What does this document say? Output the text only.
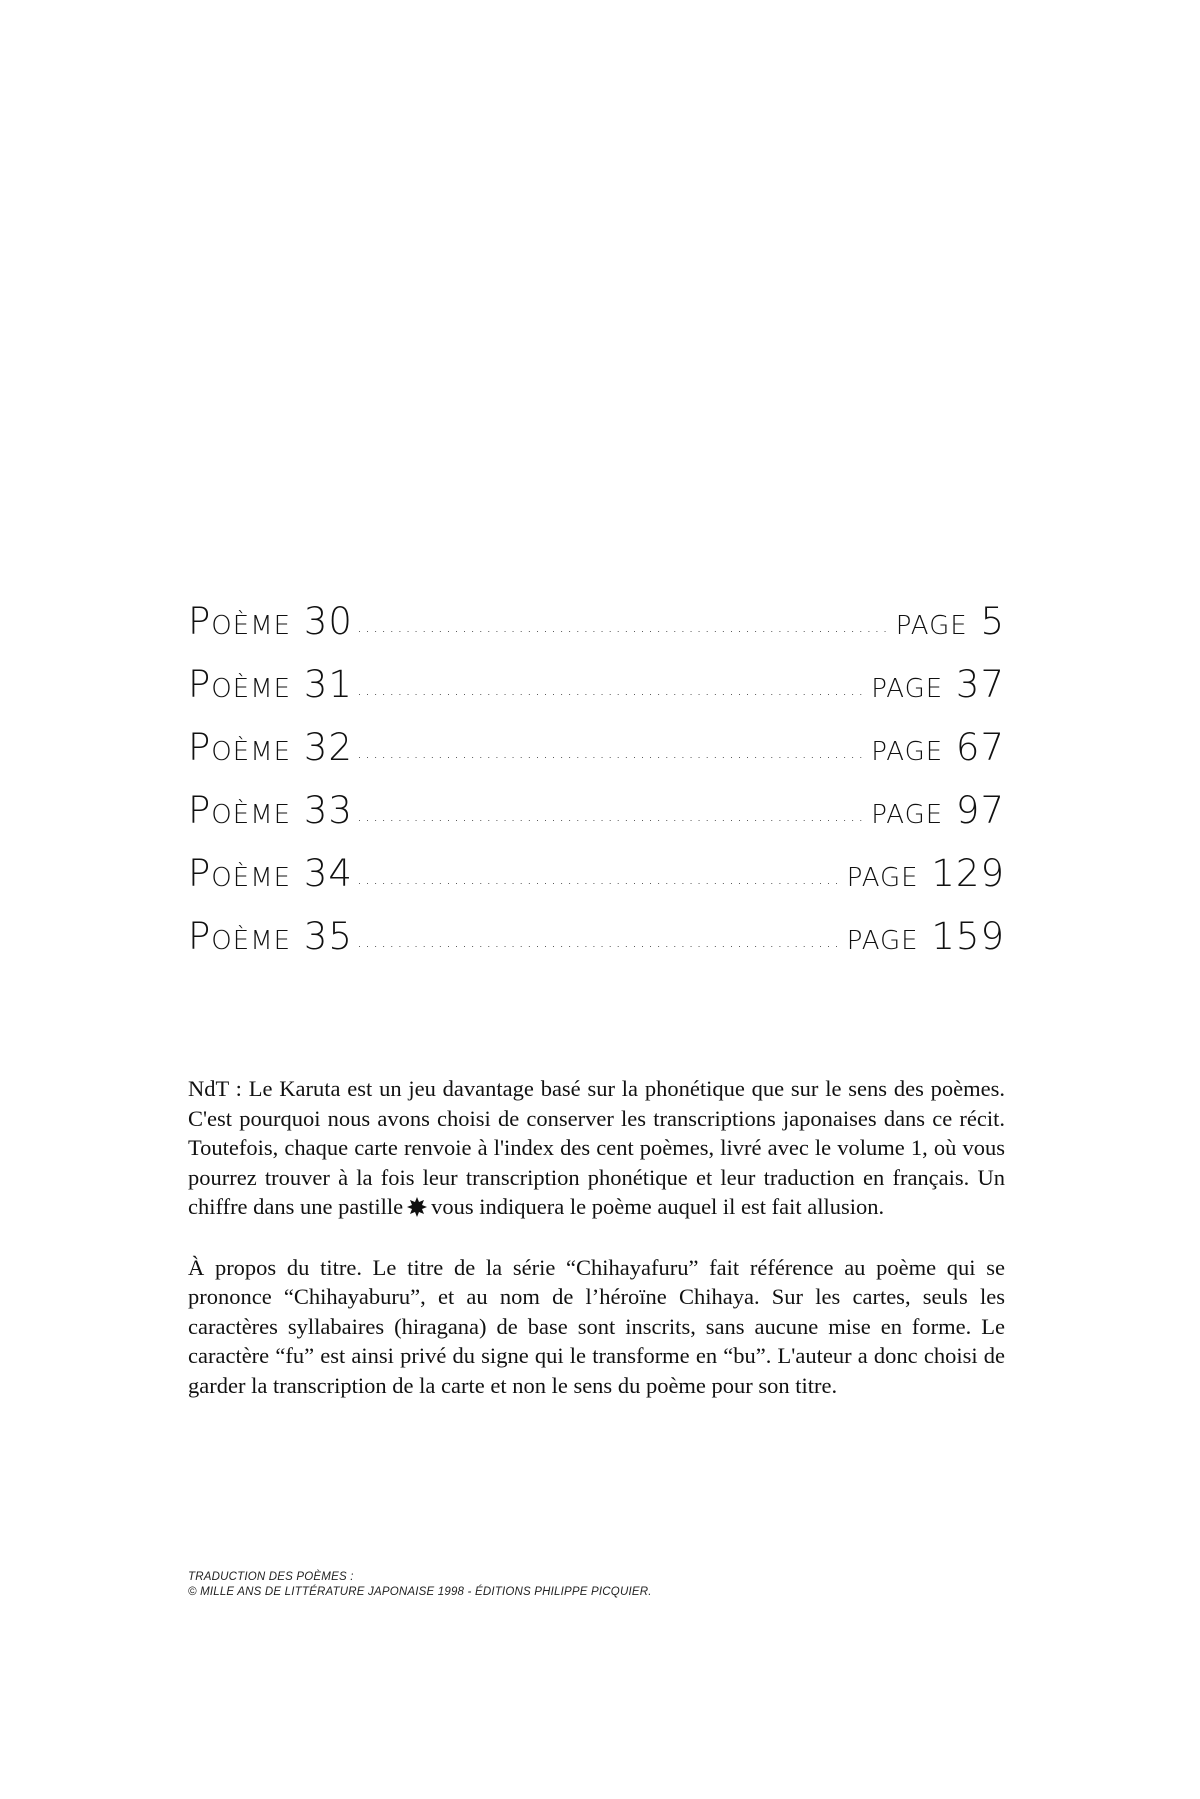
Poème 30 .....	page 5
Poème 31 .....	page 37
Poème 32 .....	page 67
Poème 33 .....	page 97
Poème 34 .....	page 129
Poème 35 .....	page 159

NdT : Le Karuta est un jeu davantage basé sur la phonétique que sur le sens des poèmes. C'est pourquoi nous avons choisi de conserver les transcriptions japonaises dans ce récit. Toutefois, chaque carte renvoie à l'index des cent poèmes, livré avec le volume 1, où vous pourrez trouver à la fois leur transcription phonétique et leur traduction en français. Un chiffre dans une pastille vous indiquera le poème auquel il est fait allusion.

À propos du titre. Le titre de la série “Chihayafuru” fait référence au poème qui se prononce “Chihayaburu”, et au nom de l’héroïne Chihaya. Sur les cartes, seuls les caractères syllabaires (hiragana) de base sont inscrits, sans aucune mise en forme. Le caractère “fu” est ainsi privé du signe qui le transforme en “bu”. L'auteur a donc choisi de garder la transcription de la carte et non le sens du poème pour son titre.

TRADUCTION DES POÈMES :
© MILLE ANS DE LITTÉRATURE JAPONAISE 1998 - ÉDITIONS PHILIPPE PICQUIER.
